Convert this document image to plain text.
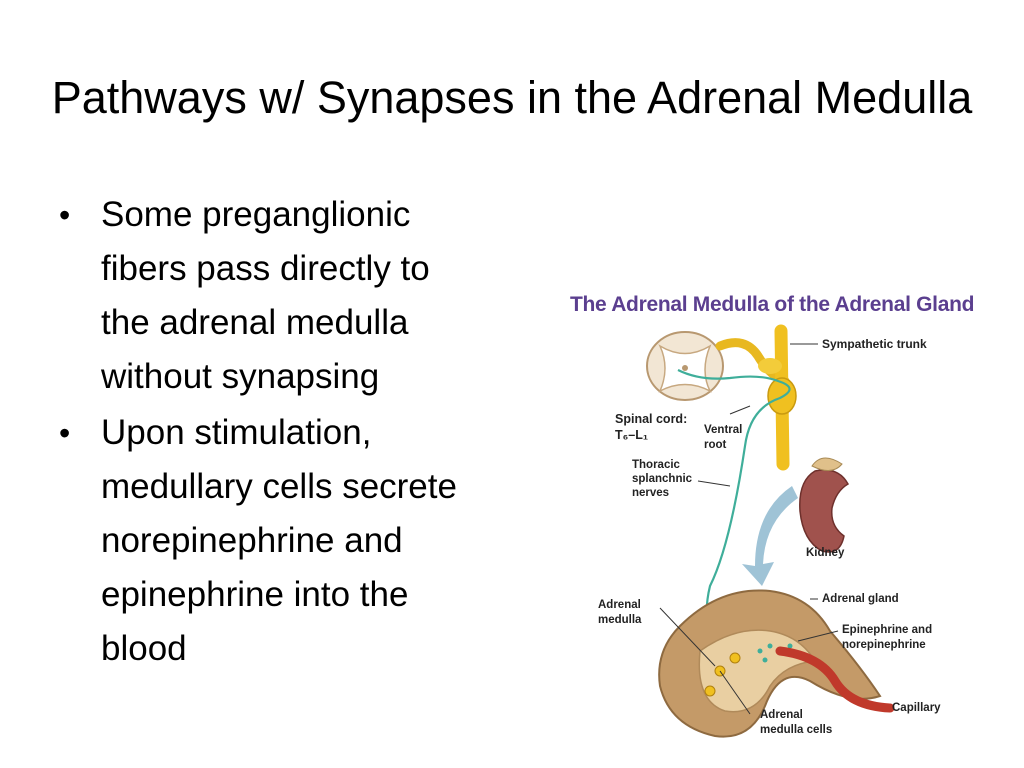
Pathways w/ Synapses in the Adrenal Medulla
• Some preganglionic
fibers pass directly to
the adrenal medulla
without synapsing
• Upon stimulation,
medullary cells secrete
norepinephrine and
epinephrine into the
blood
The Adrenal Medulla of the Adrenal Gland
Sympathetic trunk
Spinal cord:
T₆–L₁	Ventral
root
Thoracic
splanchnic
nerves
Kidney
Adrenal gland
Adrenal
medulla
Epinephrine and
norepinephrine
Capillary
Adrenal
medulla cells
